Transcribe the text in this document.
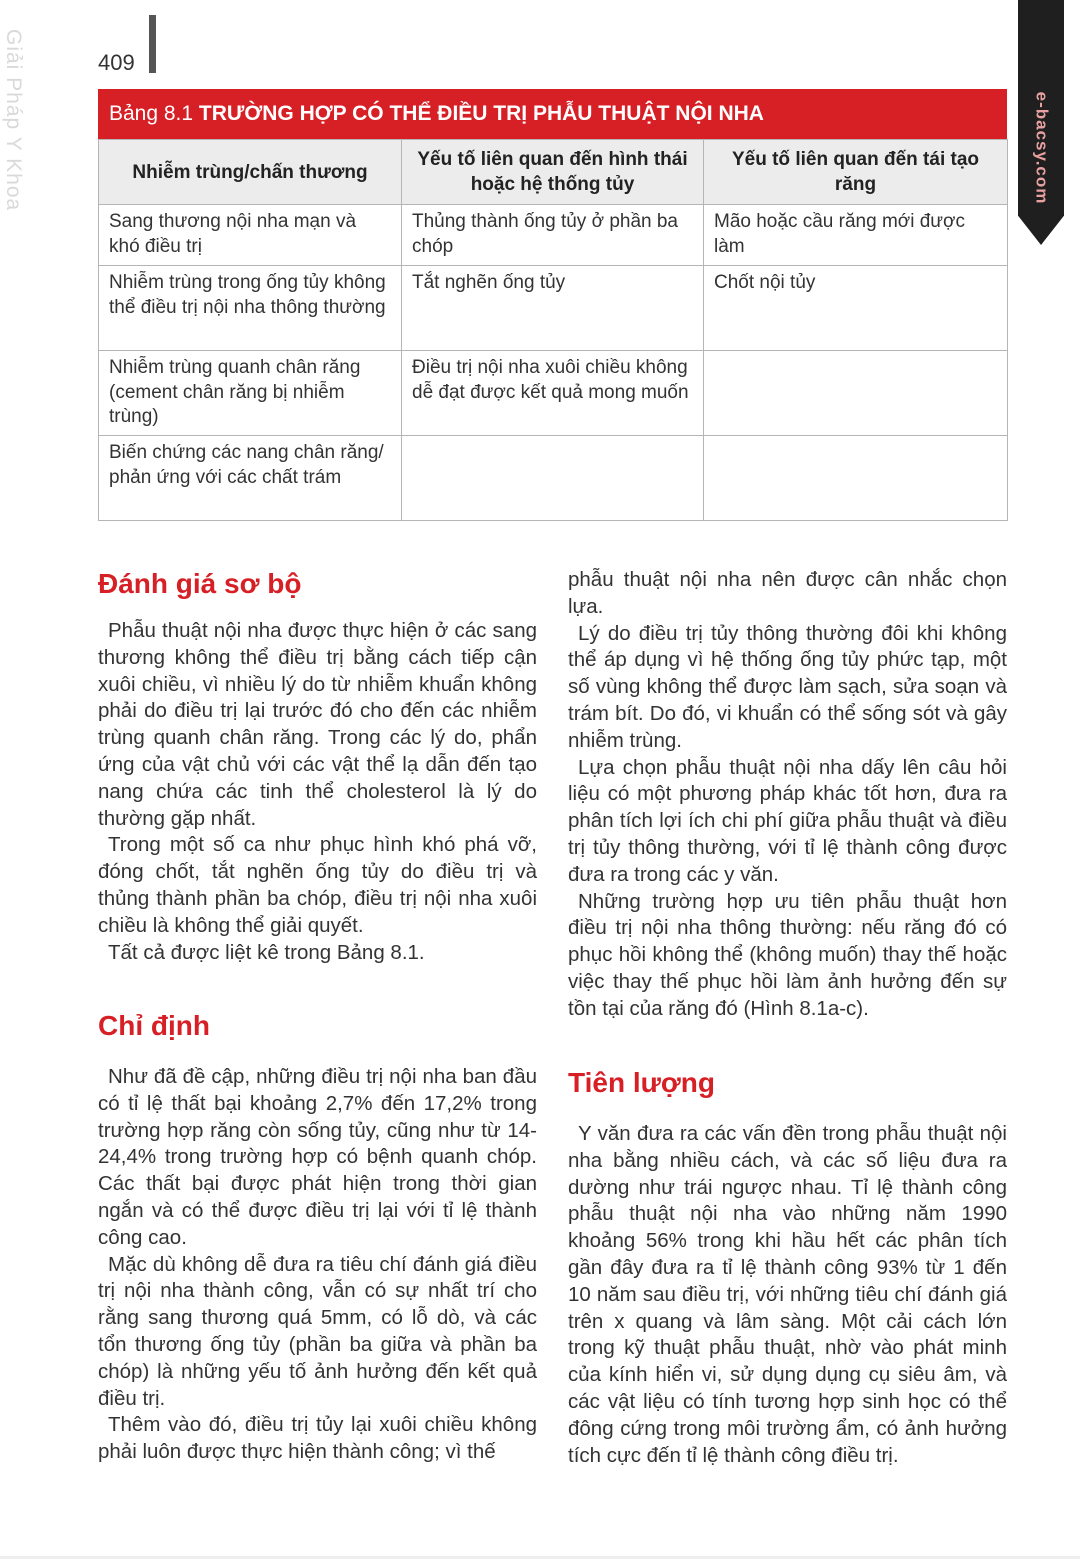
Giải Pháp Y Khoa	409
e-bacsy.com
Bảng 8.1 TRƯỜNG HỢP CÓ THỂ ĐIỀU TRỊ PHẪU THUẬT NỘI NHA
Nhiễm trùng/chấn thương	Yếu tố liên quan đến hình thái hoặc hệ thống tủy	Yếu tố liên quan đến tái tạo răng
Sang thương nội nha mạn và khó điều trị	Thủng thành ống tủy ở phần ba chóp	Mão hoặc cầu răng mới được làm
Nhiễm trùng trong ống tủy không thể điều trị nội nha thông thường	Tắt nghẽn ống tủy	Chốt nội tủy
Nhiễm trùng quanh chân răng (cement chân răng bị nhiễm trùng)	Điều trị nội nha xuôi chiều không dễ đạt được kết quả mong muốn	
Biến chứng các nang chân răng/ phản ứng với các chất trám		
Đánh giá sơ bộ

Phẫu thuật nội nha được thực hiện ở các sang thương không thể điều trị bằng cách tiếp cận xuôi chiều, vì nhiều lý do từ nhiễm khuẩn không phải do điều trị lại trước đó cho đến các nhiễm trùng quanh chân răng. Trong các lý do, phẩn ứng của vật chủ với các vật thể lạ dẫn đến tạo nang chứa các tinh thể cholesterol là lý do thường gặp nhất.

Trong một số ca như phục hình khó phá vỡ, đóng chốt, tắt nghẽn ống tủy do điều trị và thủng thành phần ba chóp, điều trị nội nha xuôi chiều là không thể giải quyết.

Tất cả được liệt kê trong Bảng 8.1.

Chỉ định

Như đã đề cập, những điều trị nội nha ban đầu có tỉ lệ thất bại khoảng 2,7% đến 17,2% trong trường hợp răng còn sống tủy, cũng như từ 14-24,4% trong trường hợp có bệnh quanh chóp. Các thất bại được phát hiện trong thời gian ngắn và có thể được điều trị lại với tỉ lệ thành công cao.

Mặc dù không dễ đưa ra tiêu chí đánh giá điều trị nội nha thành công, vẫn có sự nhất trí cho rằng sang thương quá 5mm, có lỗ dò, và các tổn thương ống tủy (phần ba giữa và phần ba chóp) là những yếu tố ảnh hưởng đến kết quả điều trị.

Thêm vào đó, điều trị tủy lại xuôi chiều không phải luôn được thực hiện thành công; vì thế

phẫu thuật nội nha nên được cân nhắc chọn lựa.

Lý do điều trị tủy thông thường đôi khi không thể áp dụng vì hệ thống ống tủy phức tạp, một số vùng không thể được làm sạch, sửa soạn và trám bít. Do đó, vi khuẩn có thể sống sót và gây nhiễm trùng.

Lựa chọn phẫu thuật nội nha dấy lên câu hỏi liệu có một phương pháp khác tốt hơn, đưa ra phân tích lợi ích chi phí giữa phẫu thuật và điều trị tủy thông thường, với tỉ lệ thành công được đưa ra trong các y văn.

Những trường hợp ưu tiên phẫu thuật hơn điều trị nội nha thông thường: nếu răng đó có phục hồi không thể (không muốn) thay thế hoặc việc thay thế phục hồi làm ảnh hưởng đến sự tồn tại của răng đó (Hình 8.1a-c).

Tiên lượng

Y văn đưa ra các vấn đền trong phẫu thuật nội nha bằng nhiều cách, và các số liệu đưa ra dường như trái ngược nhau. Tỉ lệ thành công phẫu thuật nội nha vào những năm 1990 khoảng 56% trong khi hầu hết các phân tích gần đây đưa ra tỉ lệ thành công 93% từ 1 đến 10 năm sau điều trị, với những tiêu chí đánh giá trên x quang và lâm sàng. Một cải cách lớn trong kỹ thuật phẫu thuật, nhờ vào phát minh của kính hiển vi, sử dụng dụng cụ siêu âm, và các vật liệu có tính tương hợp sinh học có thể đông cứng trong môi trường ẩm, có ảnh hưởng tích cực đến tỉ lệ thành công điều trị.
